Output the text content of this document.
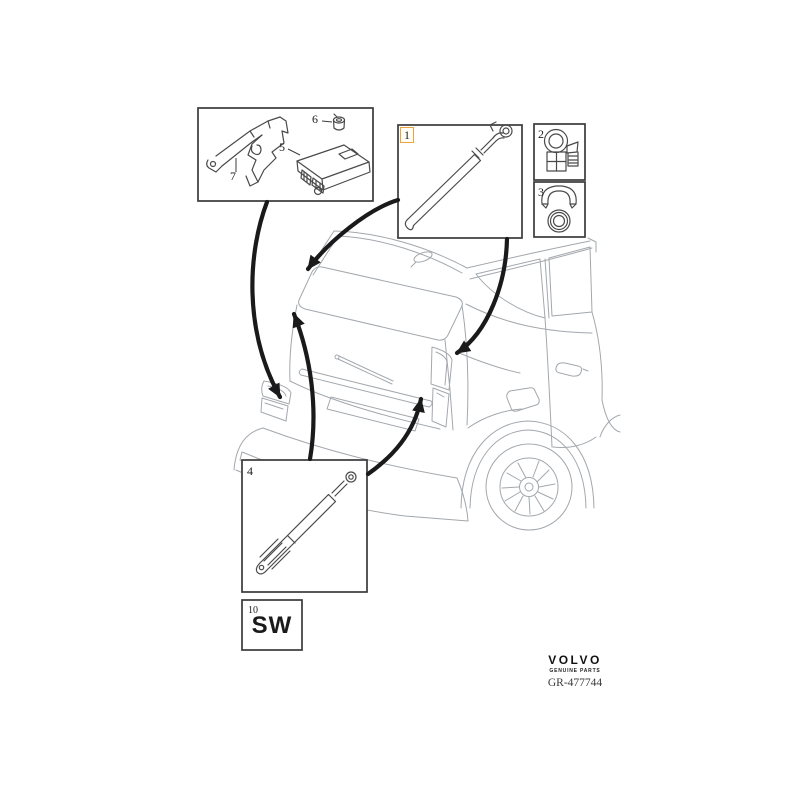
7
5
6
1	2
3
4
10
SW
VOLVO
GENUINE PARTS
GR-477744
